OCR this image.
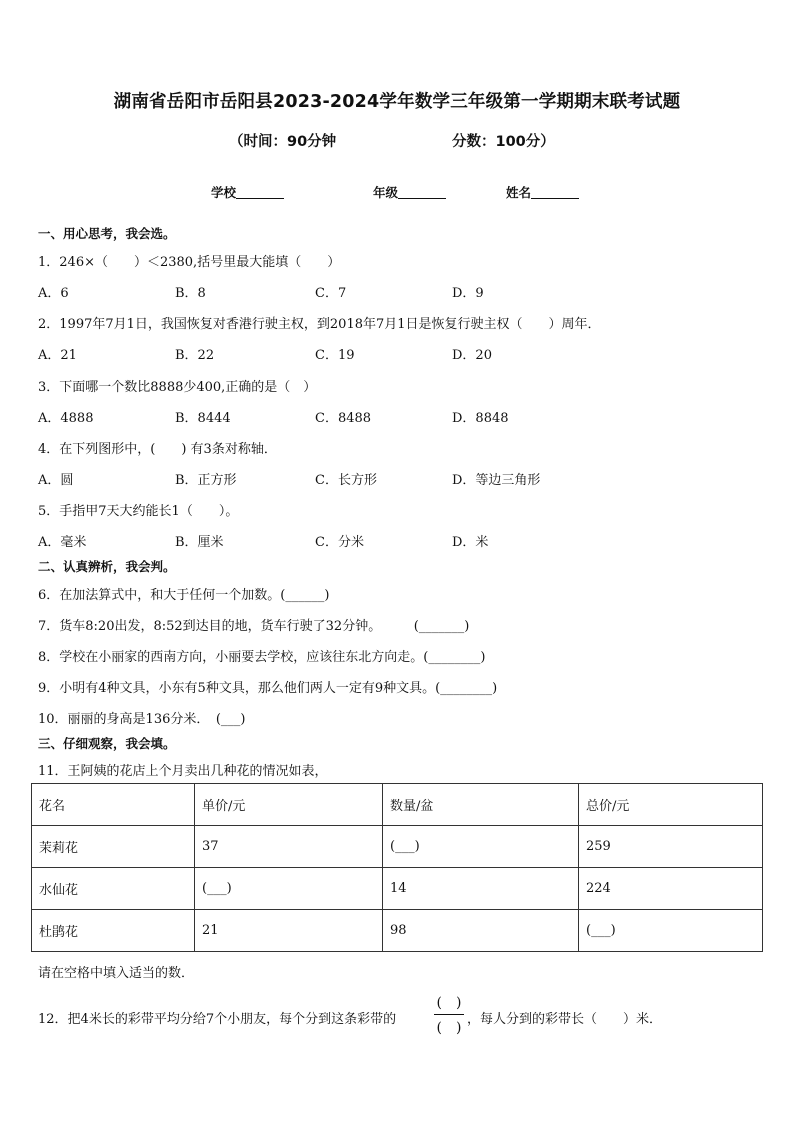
湖南省岳阳市岳阳县2023-2024学年数学三年级第一学期期末联考试题
（时间：90分钟	分数：100分）
学校	年级	姓名
一、用心思考，我会选。
1．246×（　　）＜2380,括号里最大能填（　　）
A．6	B．8	C．7	D．9
2．1997年7月1日，我国恢复对香港行驶主权，到2018年7月1日是恢复行驶主权（　　）周年．
A．21	B．22	C．19	D．20
3．下面哪一个数比8888少400,正确的是（　）
A．4888	B．8444	C．8488	D．8848
4．在下列图形中，(　　) 有3条对称轴．
A．圆	B．正方形	C．长方形	D．等边三角形
5．手指甲7天大约能长1（　　）。
A．毫米	B．厘米	C．分米	D．米
二、认真辨析，我会判。
6．在加法算式中，和大于任何一个加数。(______)
7．货车8:20出发，8:52到达目的地，货车行驶了32分钟。　　　(_______)
8．学校在小丽家的西南方向，小丽要去学校，应该往东北方向走。(________)
9．小明有4种文具，小东有5种文具，那么他们两人一定有9种文具。(________)
10．丽丽的身高是136分米．　(___)
三、仔细观察，我会填。
11．王阿姨的花店上个月卖出几种花的情况如表，
花名	单价/元	数量/盆	总价/元
茉莉花	37	(___)	259
水仙花	(___)	14	224
杜鹃花	21	98	(___)
请在空格中填入适当的数．
12．把4米长的彩带平均分给7个小朋友，每个分到这条彩带的
(　)
(　)
，每人分到的彩带长（　　）米．
